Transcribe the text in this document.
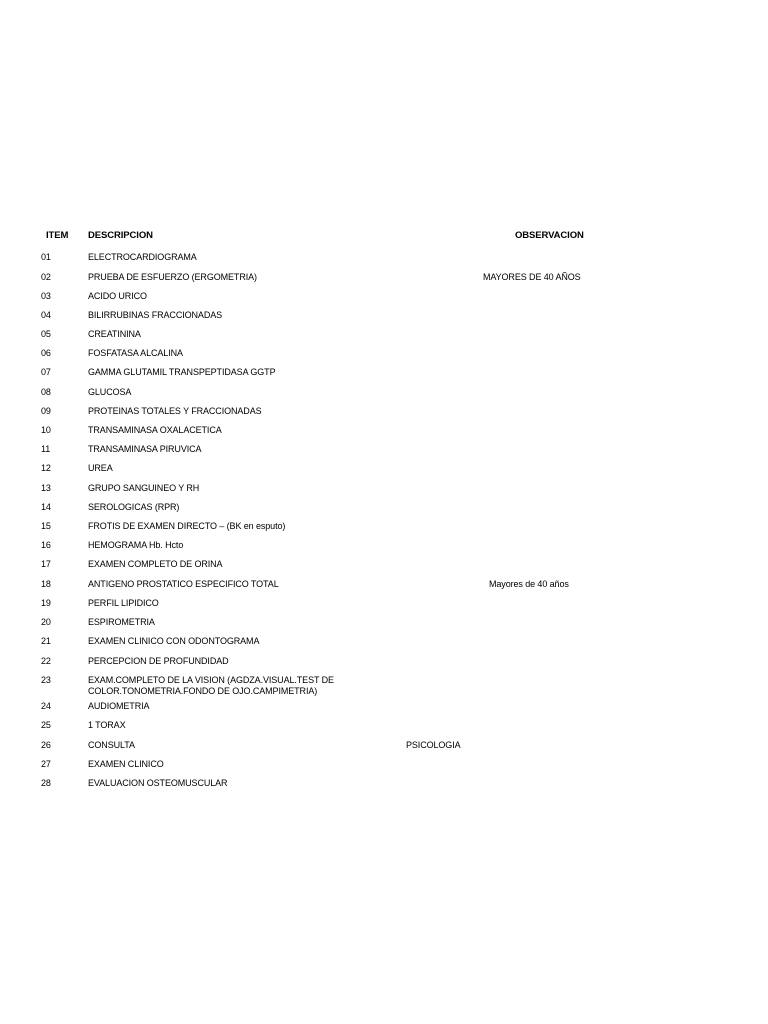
ITEM DESCRIPCION	OBSERVACION
01	ELECTROCARDIOGRAMA
02	PRUEBA DE ESFUERZO (ERGOMETRIA)	MAYORES DE 40 AÑOS
03	ACIDO URICO
04	BILIRRUBINAS FRACCIONADAS
05	CREATININA
06	FOSFATASA ALCALINA
07	GAMMA GLUTAMIL TRANSPEPTIDASA GGTP
08	GLUCOSA
09	PROTEINAS TOTALES Y FRACCIONADAS
10	TRANSAMINASA OXALACETICA
11	TRANSAMINASA PIRUVICA
12	UREA
13	GRUPO SANGUINEO Y RH
14	SEROLOGICAS (RPR)
15	FROTIS DE EXAMEN DIRECTO – (BK en esputo)
16	HEMOGRAMA Hb. Hcto
17	EXAMEN COMPLETO DE ORINA
18	ANTIGENO PROSTATICO ESPECIFICO TOTAL	Mayores de 40 años
19	PERFIL LIPIDICO
20	ESPIROMETRIA
21	EXAMEN CLINICO CON ODONTOGRAMA
22	PERCEPCION DE PROFUNDIDAD
23	EXAM.COMPLETO DE LA VISION (AGDZA.VISUAL.TEST DE COLOR.TONOMETRIA.FONDO DE OJO.CAMPIMETRIA)
24	AUDIOMETRIA
25	1 TORAX
26	CONSULTA	PSICOLOGIA
27	EXAMEN CLINICO
28	EVALUACION OSTEOMUSCULAR
